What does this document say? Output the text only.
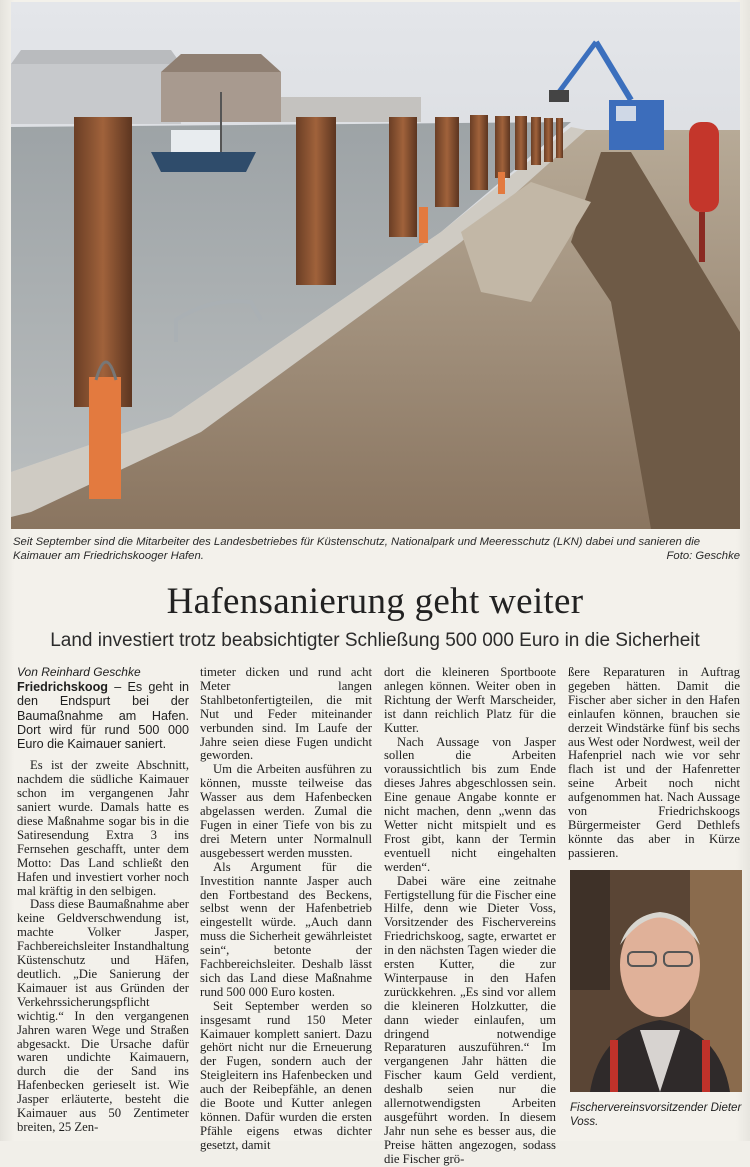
Seit September sind die Mitarbeiter des Landesbetriebes für Küstenschutz, Nationalpark und Meeresschutz (LKN) dabei und sanieren die Kaimauer am Friedrichskooger Hafen.	Foto: Geschke
Hafensanierung geht weiter
Land investiert trotz beabsichtigter Schließung 500 000 Euro in die Sicherheit

Von Reinhard Geschke

Friedrichskoog – Es geht in den Endspurt bei der Baumaßnahme am Hafen. Dort wird für rund 500 000 Euro die Kaimauer saniert.

Es ist der zweite Abschnitt, nachdem die südliche Kaimauer schon im vergangenen Jahr saniert wurde. Damals hatte es diese Maßnahme sogar bis in die Satiresendung Extra 3 ins Fernsehen geschafft, unter dem Motto: Das Land schließt den Hafen und investiert vorher noch mal kräftig in den selbigen.

Dass diese Baumaßnahme aber keine Geldverschwendung ist, machte Volker Jasper, Fachbereichsleiter Instandhaltung Küstenschutz und Häfen, deutlich. „Die Sanierung der Kaimauer ist aus Gründen der Verkehrssicherungspflicht wichtig.“ In den vergangenen Jahren waren Wege und Straßen abgesackt. Die Ursache dafür waren undichte Kaimauern, durch die der Sand ins Hafenbecken gerieselt ist. Wie Jasper erläuterte, besteht die Kaimauer aus 50 Zentimeter breiten, 25 Zen-

timeter dicken und rund acht Meter langen Stahlbetonfertigteilen, die mit Nut und Feder miteinander verbunden sind. Im Laufe der Jahre seien diese Fugen undicht geworden.

Um die Arbeiten ausführen zu können, musste teilweise das Wasser aus dem Hafenbecken abgelassen werden. Zumal die Fugen in einer Tiefe von bis zu drei Metern unter Normalnull ausgebessert werden mussten.

Als Argument für die Investition nannte Jasper auch den Fortbestand des Beckens, selbst wenn der Hafenbetrieb eingestellt würde. „Auch dann muss die Sicherheit gewährleistet sein“, betonte der Fachbereichsleiter. Deshalb lässt sich das Land diese Maßnahme rund 500 000 Euro kosten.

Seit September werden so insgesamt rund 150 Meter Kaimauer komplett saniert. Dazu gehört nicht nur die Erneuerung der Fugen, sondern auch der Steigleitern ins Hafenbecken und auch der Reibepfähle, an denen die Boote und Kutter anlegen können. Dafür wurden die ersten Pfähle eigens etwas dichter gesetzt, damit

dort die kleineren Sportboote anlegen können. Weiter oben in Richtung der Werft Marscheider, ist dann reichlich Platz für die Kutter.

Nach Aussage von Jasper sollen die Arbeiten voraussichtlich bis zum Ende dieses Jahres abgeschlossen sein. Eine genaue Angabe konnte er nicht machen, denn „wenn das Wetter nicht mitspielt und es Frost gibt, kann der Termin eventuell nicht eingehalten werden“.

Dabei wäre eine zeitnahe Fertigstellung für die Fischer eine Hilfe, denn wie Dieter Voss, Vorsitzender des Fischervereins Friedrichskoog, sagte, erwartet er in den nächsten Tagen wieder die ersten Kutter, die zur Winterpause in den Hafen zurückkehren. „Es sind vor allem die kleineren Holzkutter, die dann wieder einlaufen, um dringend notwendige Reparaturen auszuführen.“ Im vergangenen Jahr hätten die Fischer kaum Geld verdient, deshalb seien nur die allernotwendigsten Arbeiten ausgeführt worden. In diesem Jahr nun sehe es besser aus, die Preise hätten angezogen, sodass die Fischer grö-

ßere Reparaturen in Auftrag gegeben hätten. Damit die Fischer aber sicher in den Hafen einlaufen können, brauchen sie derzeit Windstärke fünf bis sechs aus West oder Nordwest, weil der Hafenpriel nach wie vor sehr flach ist und der Hafenretter seine Arbeit noch nicht aufgenommen hat. Nach Aussage von Friedrichskoogs Bürgermeister Gerd Dethlefs könnte das aber in Kürze passieren.

Fischervereinsvorsitzender Dieter Voss.
